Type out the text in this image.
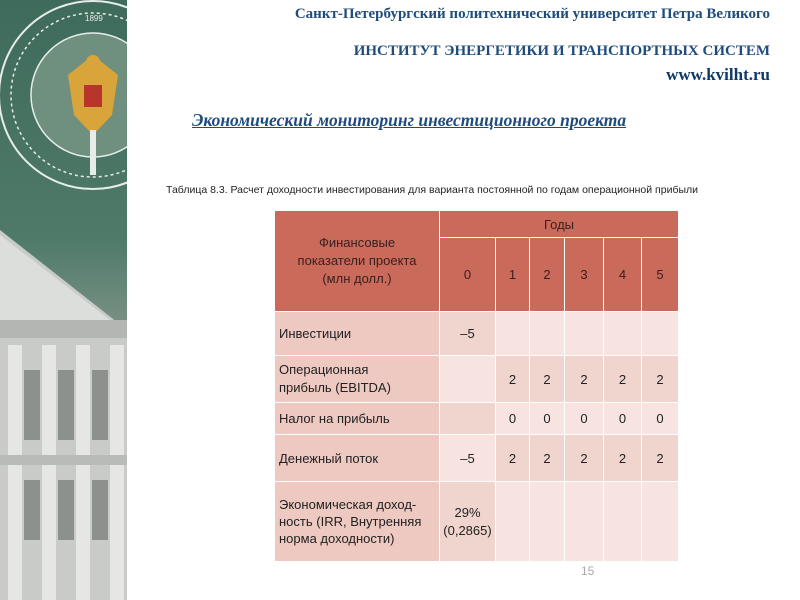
1899	Санкт-Петербургский политехнический университет Петра Великого
ИНСТИТУТ ЭНЕРГЕТИКИ И ТРАНСПОРТНЫХ СИСТЕМ
www.kvilht.ru
Экономический мониторинг инвестиционного проекта
Таблица 8.3. Расчет доходности инвестирования для варианта постоянной по годам операционной прибыли
Финансовые показатели проекта (млн долл.)	Годы					
	0	1	2	3	4	5
Инвестиции	–5					

Операционная прибыль (EBITDA)		2	2	2	2	2
Налог на прибыль		0	0	0	0	0
Денежный поток	–5	2	2	2	2	2

Экономическая доход-ность (IRR, Внутренняя норма доходности)	29%
(0,2865)					
15
